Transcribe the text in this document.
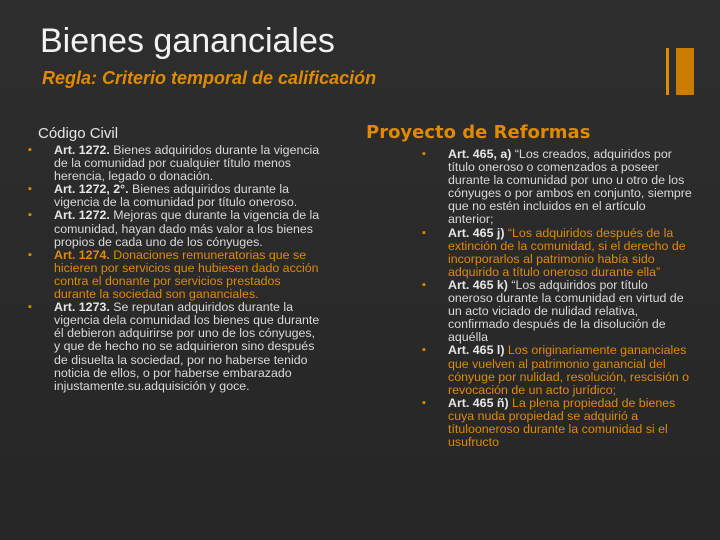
Bienes gananciales
Regla: Criterio temporal de calificación
Código Civil	Proyecto de Reformas
▪ Art. 1272. Bienes adquiridos durante la vigencia de la comunidad por cualquier título menos herencia, legado o donación.
▪ Art. 1272, 2°. Bienes adquiridos durante la vigencia de la comunidad por título oneroso.
▪ Art. 1272. Mejoras que durante la vigencia de la comunidad, hayan dado más valor a los bienes propios de cada uno de los cónyuges.
▪ Art. 1274. Donaciones remuneratorias que se hicieren por servicios que hubiesen dado acción contra el donante por servicios prestados durante la sociedad son gananciales.
▪ Art. 1273. Se reputan adquiridos durante la vigencia dela comunidad los bienes que durante él debieron adquirirse por uno de los cónyuges, y que de hecho no se adquirieron sino después de disuelta la sociedad, por no haberse tenido noticia de ellos, o por haberse embarazado injustamente.su.adquisición y goce.
▪ Art. 465, a) “Los creados, adquiridos por título oneroso o comenzados a poseer durante la comunidad por uno u otro de los cónyuges o por ambos en conjunto, siempre que no estén incluidos en el artículo anterior;
▪ Art. 465 j) “Los adquiridos después de la extinción de la comunidad, si el derecho de incorporarlos al patrimonio había sido adquirido a título oneroso durante ella”
▪ Art. 465 k) “Los adquiridos por título oneroso durante la comunidad en virtud de un acto viciado de nulidad relativa, confirmado después de la disolución de aquélla
▪ Art. 465 l) Los originariamente gananciales que vuelven al patrimonio ganancial del cónyuge por nulidad, resolución, rescisión o revocación de un acto jurídico;
▪ Art. 465 ñ) La plena propiedad de bienes cuya nuda propiedad se adquirió a títuloоneroso durante la comunidad si el usufructo
